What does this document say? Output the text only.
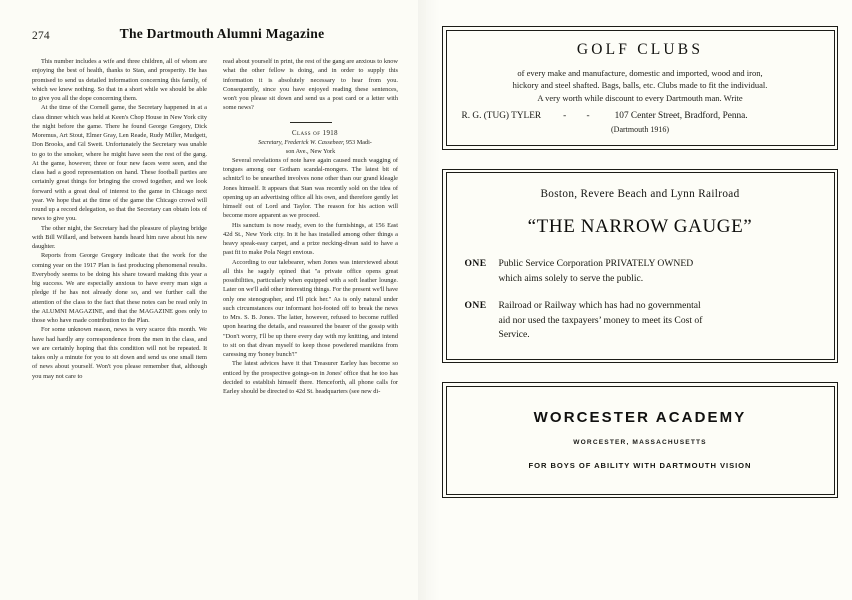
274	The Dartmouth Alumni Magazine

This number includes a wife and three children, all of whom are enjoying the best of health, thanks to Stan, and prosperity. He has promised to send us detailed information concerning this family, of which we knew nothing. So that in a short while we should be able to give you all the dope concerning them.

At the time of the Cornell game, the Secretary happened in at a class dinner which was held at Keen's Chop House in New York city the night before the game. There he found George Gregory, Dick Moremus, Art Stout, Elmer Gray, Len Reade, Rudy Miller, Mudgett, Don Brooks, and Gil Swett. Unfortunately the Secretary was unable to go to the smoker, where he might have seen the rest of the gang. At the game, however, three or four new faces were seen, and the class had a good representation on hand. These football parties are certainly great things for bringing the crowd together, and we look forward with a great deal of interest to the game in Chicago next year. We hope that at the time of the game the Chicago crowd will round up a record delegation, so that the Secretary can obtain lots of news to give you.

The other night, the Secretary had the pleasure of playing bridge with Bill Willard, and between hands heard him rave about his new daughter.

Reports from George Gregory indicate that the work for the coming year on the 1917 Plan is fast producing phenomenal results. Everybody seems to be doing his share toward making this year a big success. We are especially anxious to have every man sign a pledge if he has not already done so, and we further call the attention of the class to the fact that these notes can be read only in the ALUMNI MAGAZINE, and that the MAGAZINE goes only to those who have made contribution to the Plan.

For some unknown reason, news is very scarce this month. We have had hardly any correspondence from the men in the class, and we are certainly hoping that this condition will not be repeated. It takes only a minute for you to sit down and send us one small item of news about yourself. Won't you please remember that, although you may not care to

read about yourself in print, the rest of the gang are anxious to know what the other fellow is doing, and in order to supply this information it is absolutely necessary to hear from you. Consequently, since you have enjoyed reading these sentences, won't you please sit down and send us a post card or a letter with some news?

Class of 1918

Secretary, Frederick W. Cassebeer, 953 Madi-
son Ave., New York

Several revelations of note have again caused much wagging of tongues among our Gotham scandal-mongers. The latest bit of schnitz'l to be unearthed involves none other than our grand kleagle Jones himself. It appears that Stan was recently sold on the idea of opening up an advertising office all his own, and therefore gently let himself out of Lord and Taylor. The reason for his action will become more apparent as we proceed.

His sanctum is now ready, even to the furnishings, at 156 East 42d St., New York city. In it he has installed among other things a heavy speak-easy carpet, and a prize necking-divan said to have a past fit to make Pola Negri envious.

According to our talebearer, when Jones was interviewed about all this he sagely opined that "a private office opens great possibilities, particularly when equipped with a soft leather lounge. Later on we'll add other interesting things. For the present we'll have only one stenographer, and I'll pick her." As is only natural under such circumstances our informant hot-footed off to break the news to Mrs. S. B. Jones. The latter, however, refused to become ruffled upon hearing the details, and reassured the bearer of the gossip with "Don't worry, I'll be up there every day with my knitting, and intend to sit on that divan myself to keep those powdered manikins from caressing my 'honey bunch'!"

The latest advices have it that Treasurer Earley has become so enticed by the prospective goings-on in Jones' office that he too has decided to establish himself there. Henceforth, all phone calls for Earley should be directed to 42d St. headquarters (see new di-

GOLF CLUBS
of every make and manufacture, domestic and imported, wood and iron,
hickory and steel shafted. Bags, balls, etc. Clubs made to fit the individual.
A very worth while discount to every Dartmouth man. Write
R. G. (TUG) TYLER	- -	107 Center Street, Bradford, Penna.
(Dartmouth 1916)
Boston, Revere Beach and Lynn Railroad
“THE NARROW GAUGE”
ONE	Public Service Corporation PRIVATELY OWNED
which aims solely to serve the public.
ONE	Railroad or Railway which has had no governmental
aid nor used the taxpayers’ money to meet its Cost of
Service.
WORCESTER ACADEMY
WORCESTER, MASSACHUSETTS
FOR BOYS OF ABILITY WITH DARTMOUTH VISION
